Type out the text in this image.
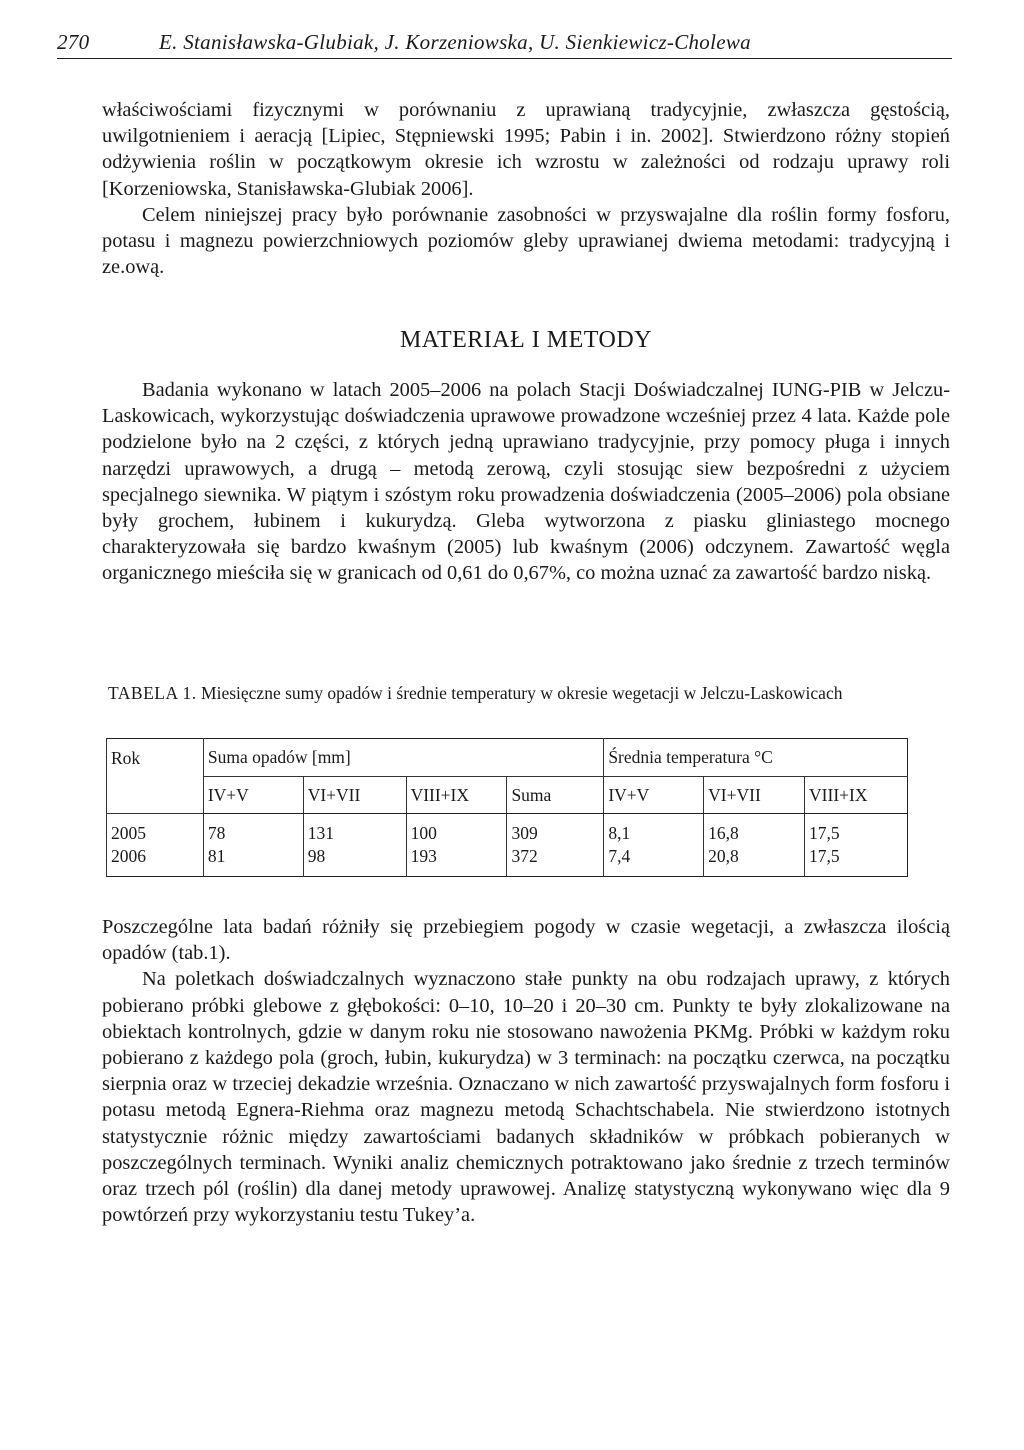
270	E. Stanisławska-Glubiak, J. Korzeniowska, U. Sienkiewicz-Cholewa

właściwościami fizycznymi w porównaniu z uprawianą tradycyjnie, zwłaszcza gęstością, uwilgotnieniem i aeracją [Lipiec, Stępniewski 1995; Pabin i in. 2002]. Stwierdzono różny stopień odżywienia roślin w początkowym okresie ich wzrostu w zależności od rodzaju uprawy roli [Korzeniowska, Stanisławska-Glubiak 2006].

Celem niniejszej pracy było porównanie zasobności w przyswajalne dla roślin formy fosforu, potasu i magnezu powierzchniowych poziomów gleby uprawianej dwiema metodami: tradycyjną i ze.ową.

MATERIAŁ I METODY

Badania wykonano w latach 2005–2006 na polach Stacji Doświadczalnej IUNG-PIB w Jelczu-Laskowicach, wykorzystując doświadczenia uprawowe prowadzone wcześniej przez 4 lata. Każde pole podzielone było na 2 części, z których jedną uprawiano tradycyjnie, przy pomocy pługa i innych narzędzi uprawowych, a drugą – metodą zerową, czyli stosując siew bezpośredni z użyciem specjalnego siewnika. W piątym i szóstym roku prowadzenia doświadczenia (2005–2006) pola obsiane były grochem, łubinem i kukurydzą. Gleba wytworzona z piasku gliniastego mocnego charakteryzowała się bardzo kwaśnym (2005) lub kwaśnym (2006) odczynem. Zawartość węgla organicznego mieściła się w granicach od 0,61 do 0,67%, co można uznać za zawartość bardzo niską.

TABELA 1. Miesięczne sumy opadów i średnie temperatury w okresie wegetacji w Jelczu-Laskowicach
Rok	Suma opadów [mm]				Średnia temperatura °C		
	IV+V	VI+VII	VIII+IX	Suma	IV+V	VI+VII	VIII+IX
2005	78	131	100	309	8,1	16,8	17,5
2006	81	98	193	372	7,4	20,8	17,5

Poszczególne lata badań różniły się przebiegiem pogody w czasie wegetacji, a zwłaszcza ilością opadów (tab.1).

Na poletkach doświadczalnych wyznaczono stałe punkty na obu rodzajach uprawy, z których pobierano próbki glebowe z głębokości: 0–10, 10–20 i 20–30 cm. Punkty te były zlokalizowane na obiektach kontrolnych, gdzie w danym roku nie stosowano nawożenia PKMg. Próbki w każdym roku pobierano z każdego pola (groch, łubin, kukurydza) w 3 terminach: na początku czerwca, na początku sierpnia oraz w trzeciej dekadzie września. Oznaczano w nich zawartość przyswajalnych form fosforu i potasu metodą Egnera-Riehma oraz magnezu metodą Schachtschabela. Nie stwierdzono istotnych statystycznie różnic między zawartościami badanych składników w próbkach pobieranych w poszczególnych terminach. Wyniki analiz chemicznych potraktowano jako średnie z trzech terminów oraz trzech pól (roślin) dla danej metody uprawowej. Analizę statystyczną wykonywano więc dla 9 powtórzeń przy wykorzystaniu testu Tukey’a.
